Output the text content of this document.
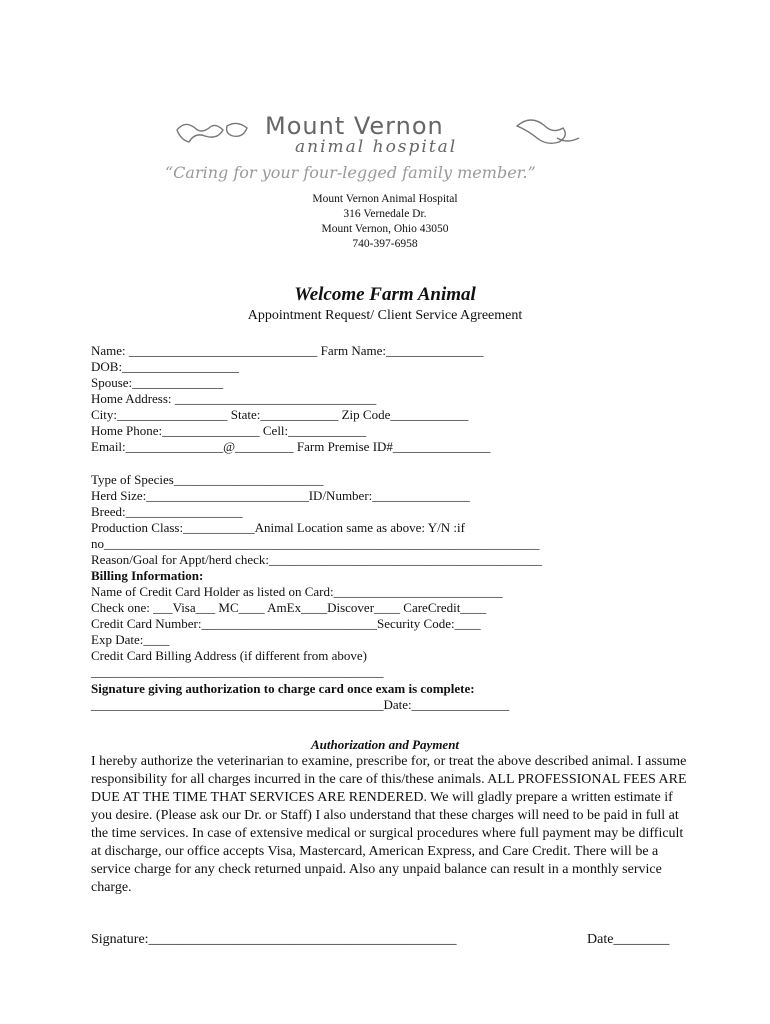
Mount Vernon
animal hospital
“Caring for your four-legged family member.”
Mount Vernon Animal Hospital
316 Vernedale Dr.
Mount Vernon, Ohio 43050
740-397-6958
Welcome Farm Animal
Appointment Request/ Client Service Agreement
Name: _____________________________ Farm Name:_______________
DOB:__________________
Spouse:______________
Home Address: _______________________________
City:_________________ State:____________ Zip Code____________
Home Phone:_______________ Cell:____________
Email:_______________@_________ Farm Premise ID#_______________
Type of Species_______________________
Herd Size:_________________________ID/Number:_______________
Breed:__________________
Production Class:___________Animal Location same as above: Y/N :if
no___________________________________________________________________
Reason/Goal for Appt/herd check:__________________________________________
Billing Information:
Name of Credit Card Holder as listed on Card:__________________________
Check one: ___Visa___ MC____ AmEx____Discover____ CareCredit____
Credit Card Number:___________________________Security Code:____
Exp Date:____
Credit Card Billing Address (if different from above)
_____________________________________________
Signature giving authorization to charge card once exam is complete:
_____________________________________________Date:_______________
Authorization and Payment
I hereby authorize the veterinarian to examine, prescribe for, or treat the above described animal. I assume responsibility for all charges incurred in the care of this/these animals. ALL PROFESSIONAL FEES ARE DUE AT THE TIME THAT SERVICES ARE RENDERED. We will gladly prepare a written estimate if you desire. (Please ask our Dr. or Staff) I also understand that these charges will need to be paid in full at the time services. In case of extensive medical or surgical procedures where full payment may be difficult at discharge, our office accepts Visa, Mastercard, American Express, and Care Credit. There will be a service charge for any check returned unpaid. Also any unpaid balance can result in a monthly service charge.
Signature:____________________________________________	Date________
